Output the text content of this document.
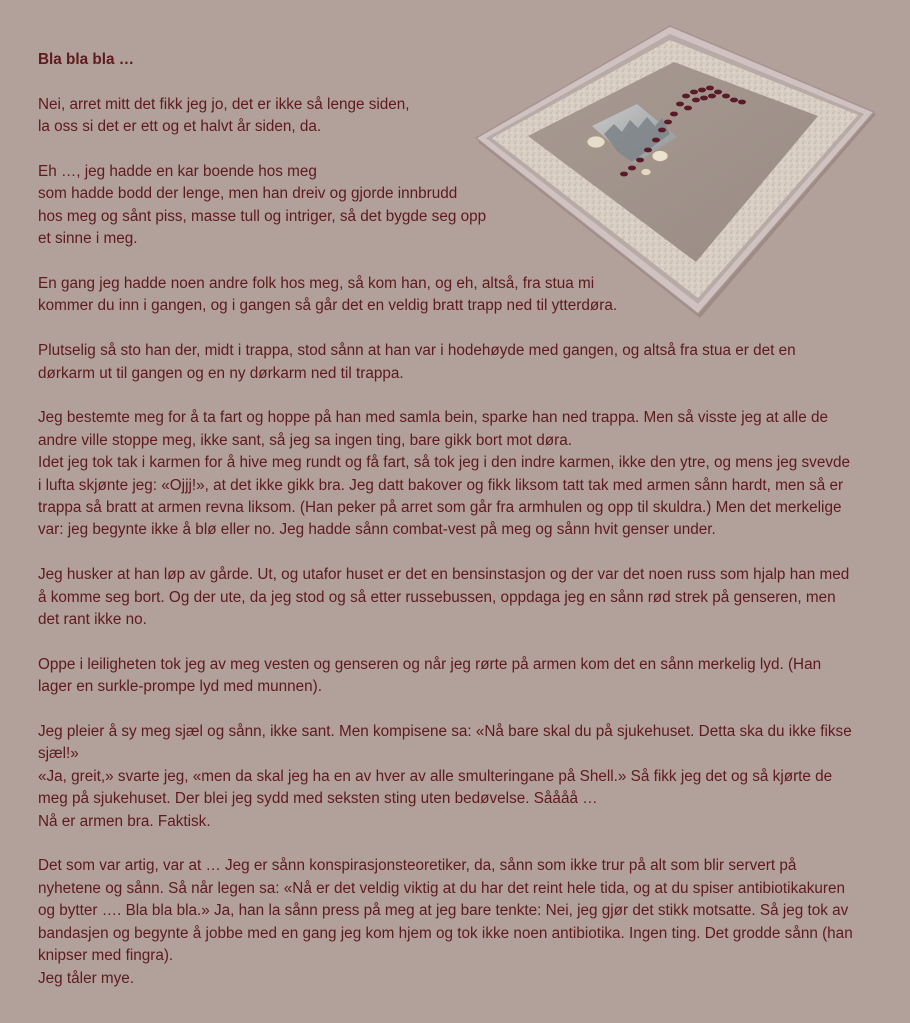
Bla bla bla …

Nei, arret mitt det fikk jeg jo, det er ikke så lenge siden,
la oss si det er ett og et halvt år siden, da.

Eh …, jeg hadde en kar boende hos meg
som hadde bodd der lenge, men han dreiv og gjorde innbrudd
hos meg og sånt piss, masse tull og intriger, så det bygde seg opp
et sinne i meg.

En gang jeg hadde noen andre folk hos meg, så kom han, og eh, altså, fra stua mi
kommer du inn i gangen, og i gangen så går det en veldig bratt trapp ned til ytterdøra.

Plutselig så sto han der, midt i trappa, stod sånn at han var i hodehøyde med gangen, og altså fra stua er det en
dørkarm ut til gangen og en ny dørkarm ned til trappa.

Jeg bestemte meg for å ta fart og hoppe på han med samla bein, sparke han ned trappa. Men så visste jeg at alle de
andre ville stoppe meg, ikke sant, så jeg sa ingen ting, bare gikk bort mot døra.
Idet jeg tok tak i karmen for å hive meg rundt og få fart, så tok jeg i den indre karmen, ikke den ytre, og mens jeg svevde
i lufta skjønte jeg: «Ojjj!», at det ikke gikk bra. Jeg datt bakover og fikk liksom tatt tak med armen sånn hardt, men så er
trappa så bratt at armen revna liksom. (Han peker på arret som går fra armhulen og opp til skuldra.) Men det merkelige
var: jeg begynte ikke å blø eller no. Jeg hadde sånn combat-vest på meg og sånn hvit genser under.

Jeg husker at han løp av gårde. Ut, og utafor huset er det en bensinstasjon og der var det noen russ som hjalp han med
å komme seg bort. Og der ute, da jeg stod og så etter russebussen, oppdaga jeg en sånn rød strek på genseren, men
det rant ikke no.

Oppe i leiligheten tok jeg av meg vesten og genseren og når jeg rørte på armen kom det en sånn merkelig lyd. (Han
lager en surkle-prompe lyd med munnen).

Jeg pleier å sy meg sjæl og sånn, ikke sant. Men kompisene sa: «Nå bare skal du på sjukehuset. Detta ska du ikke fikse
sjæl!»
«Ja, greit,» svarte jeg, «men da skal jeg ha en av hver av alle smulteringane på Shell.» Så fikk jeg det og så kjørte de
meg på sjukehuset. Der blei jeg sydd med seksten sting uten bedøvelse. Såååå …
Nå er armen bra. Faktisk.

Det som var artig, var at … Jeg er sånn konspirasjonsteoretiker, da, sånn som ikke trur på alt som blir servert på
nyhetene og sånn. Så når legen sa: «Nå er det veldig viktig at du har det reint hele tida, og at du spiser antibiotikakuren
og bytter …. Bla bla bla.» Ja, han la sånn press på meg at jeg bare tenkte: Nei, jeg gjør det stikk motsatte. Så jeg tok av
bandasjen og begynte å jobbe med en gang jeg kom hjem og tok ikke noen antibiotika. Ingen ting. Det grodde sånn (han
knipser med fingra).
Jeg tåler mye.
